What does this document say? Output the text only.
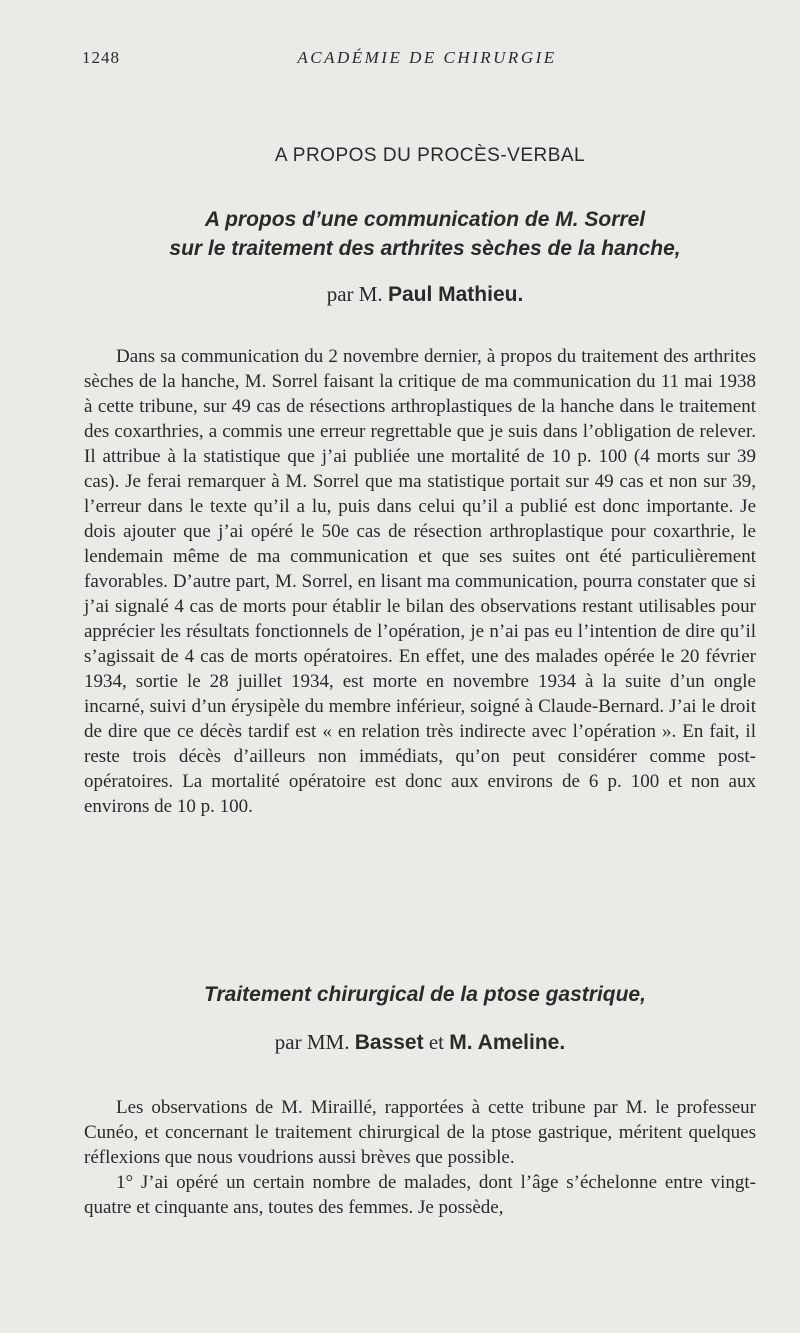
1248	ACADÉMIE DE CHIRURGIE
A PROPOS DU PROCÈS-VERBAL
A propos d’une communication de M. Sorrel
sur le traitement des arthrites sèches de la hanche,
par M. Paul Mathieu.

Dans sa communication du 2 novembre dernier, à propos du traitement des arthrites sèches de la hanche, M. Sorrel faisant la critique de ma communication du 11 mai 1938 à cette tribune, sur 49 cas de résections arthroplastiques de la hanche dans le traitement des coxarthries, a commis une erreur regrettable que je suis dans l’obligation de relever. Il attribue à la statistique que j’ai publiée une mortalité de 10 p. 100 (4 morts sur 39 cas). Je ferai remarquer à M. Sorrel que ma statistique portait sur 49 cas et non sur 39, l’erreur dans le texte qu’il a lu, puis dans celui qu’il a publié est donc importante. Je dois ajouter que j’ai opéré le 50e cas de résection arthroplastique pour coxarthrie, le lendemain même de ma communication et que ses suites ont été particulièrement favorables. D’autre part, M. Sorrel, en lisant ma communication, pourra constater que si j’ai signalé 4 cas de morts pour établir le bilan des observations restant utilisables pour apprécier les résultats fonctionnels de l’opération, je n’ai pas eu l’intention de dire qu’il s’agissait de 4 cas de morts opératoires. En effet, une des malades opérée le 20 février 1934, sortie le 28 juillet 1934, est morte en novembre 1934 à la suite d’un ongle incarné, suivi d’un érysipèle du membre inférieur, soigné à Claude-Bernard. J’ai le droit de dire que ce décès tardif est « en relation très indirecte avec l’opération ». En fait, il reste trois décès d’ailleurs non immédiats, qu’on peut considérer comme post-opératoires. La mortalité opératoire est donc aux environs de 6 p. 100 et non aux environs de 10 p. 100.

Traitement chirurgical de la ptose gastrique,
par MM. Basset et M. Ameline.

Les observations de M. Miraillé, rapportées à cette tribune par M. le professeur Cunéo, et concernant le traitement chirurgical de la ptose gastrique, méritent quelques réflexions que nous voudrions aussi brèves que possible.

1° J’ai opéré un certain nombre de malades, dont l’âge s’échelonne entre vingt-quatre et cinquante ans, toutes des femmes. Je possède,
